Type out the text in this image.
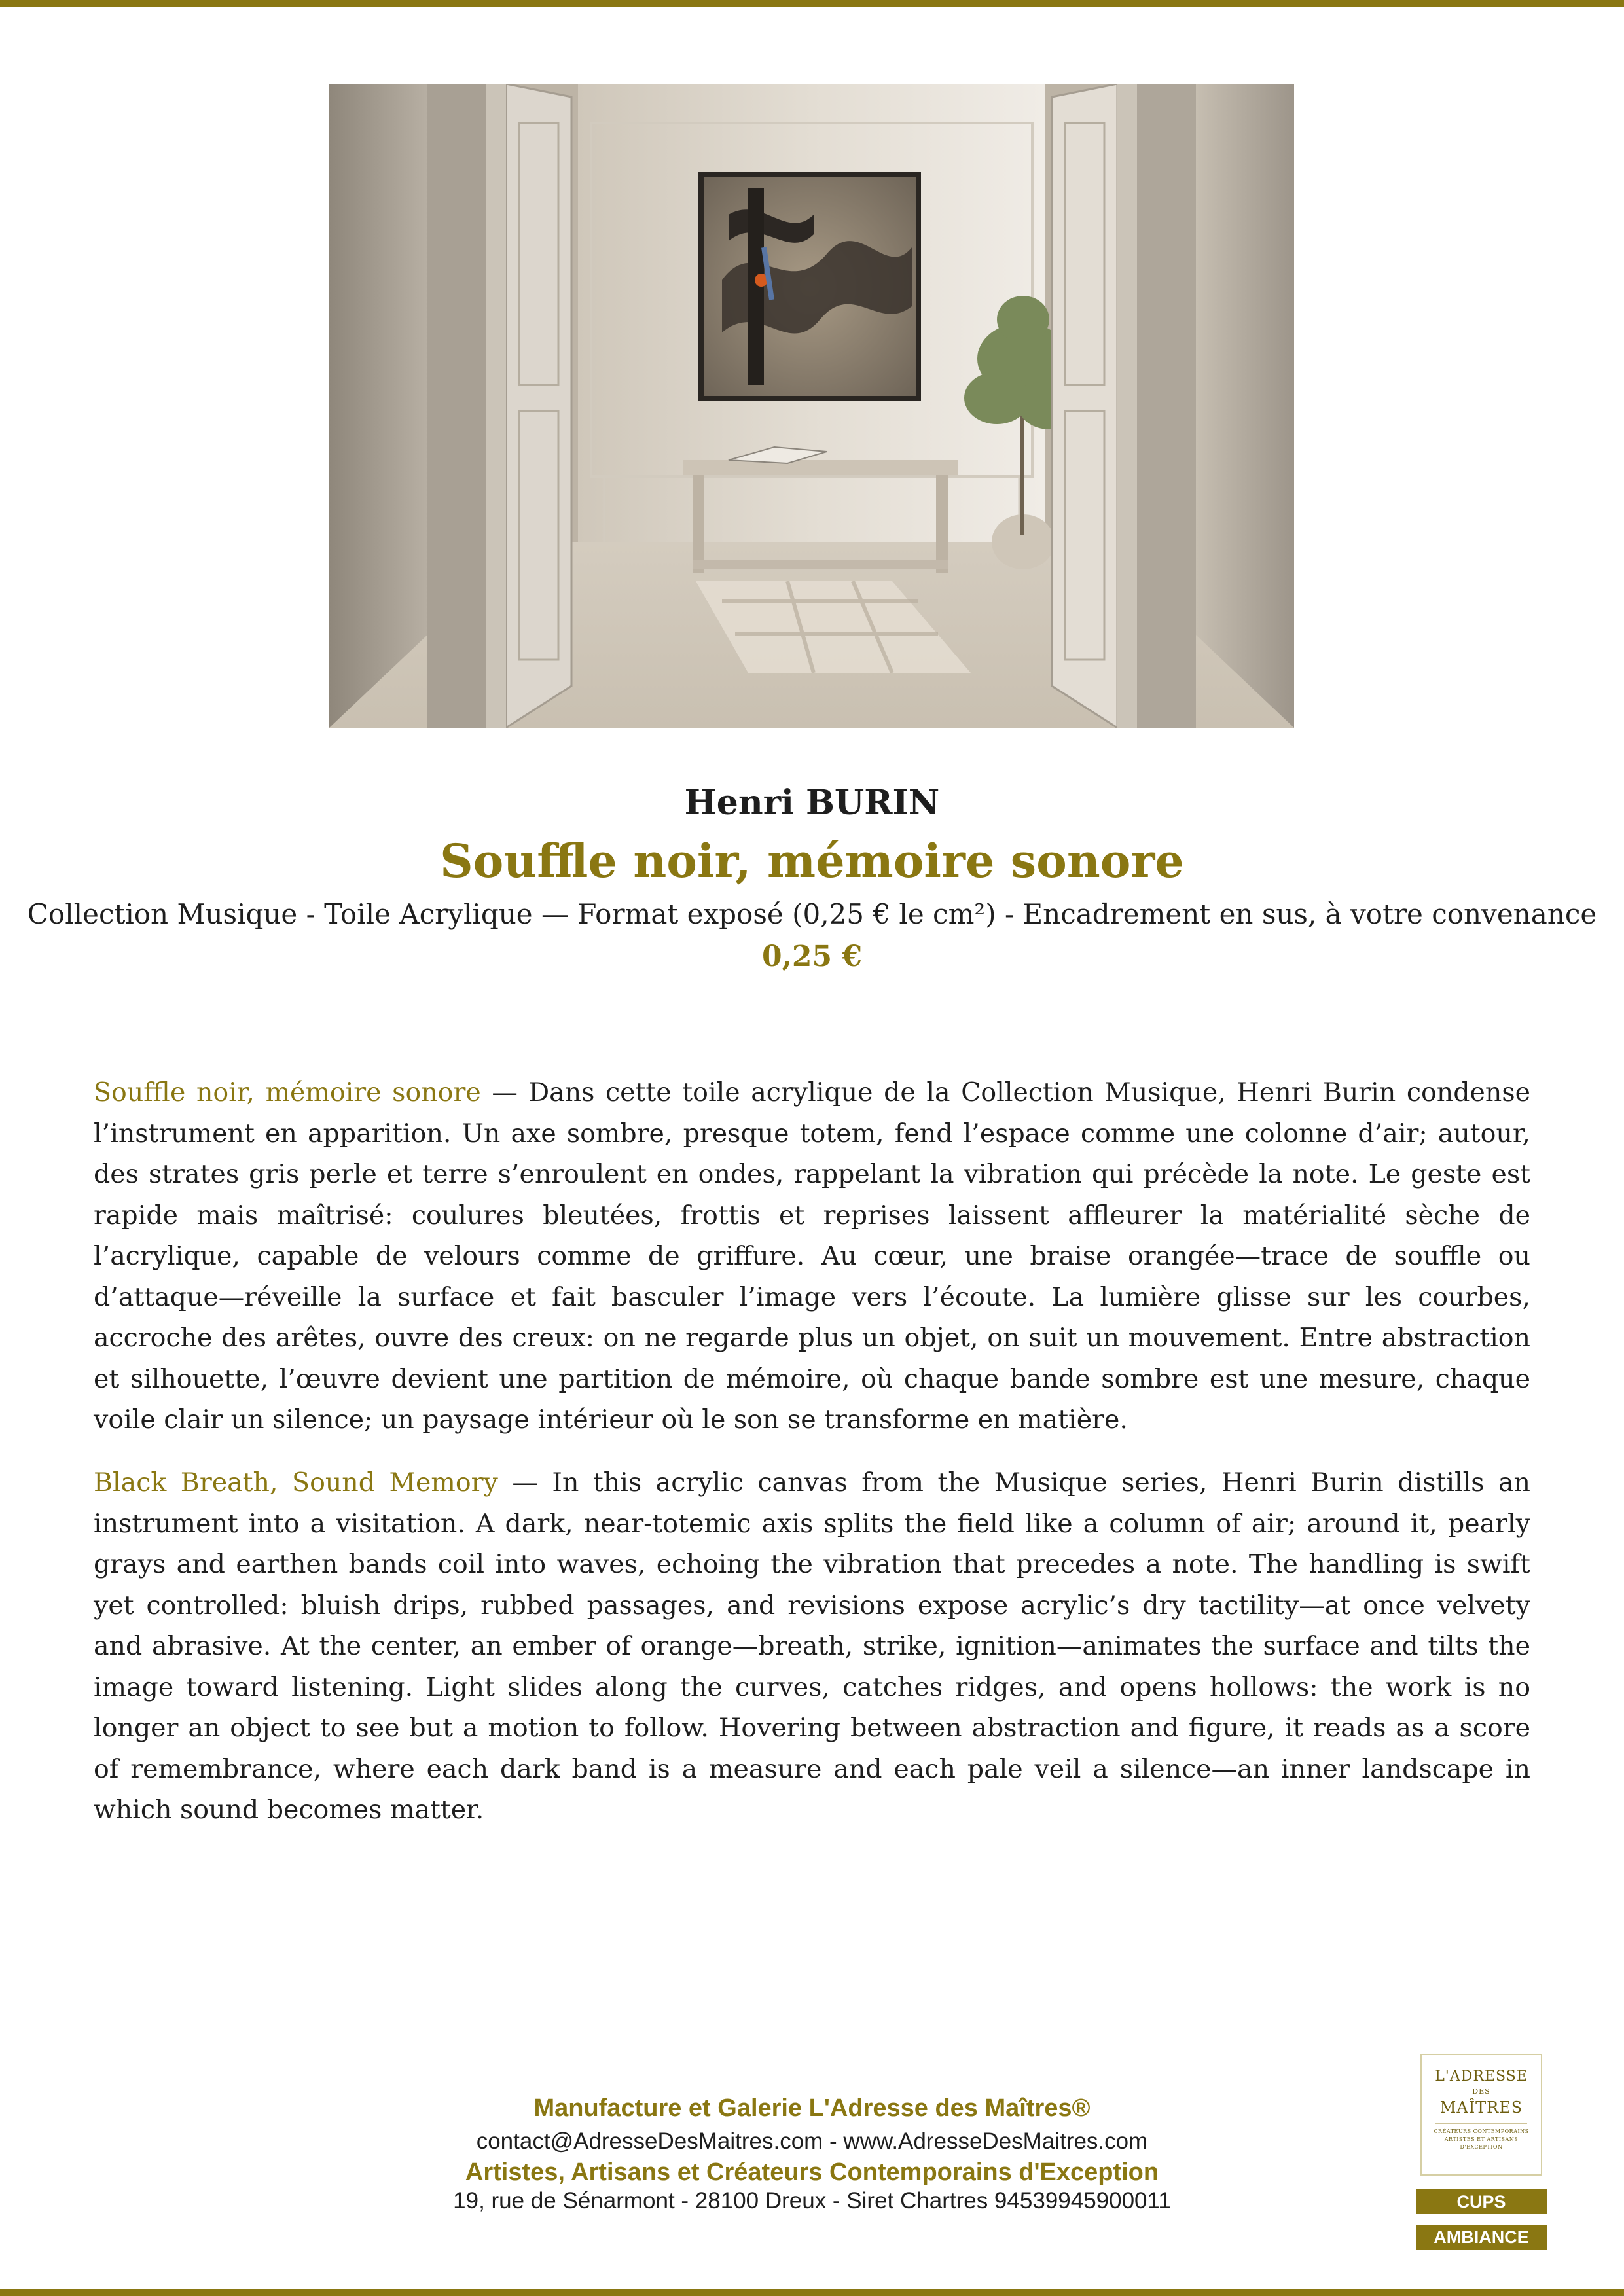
Henri BURIN
Souffle noir, mémoire sonore
Collection Musique - Toile Acrylique — Format exposé (0,25 € le cm²) - Encadrement en sus, à votre convenance
0,25 €

Souffle noir, mémoire sonore — Dans cette toile acrylique de la Collection Musique, Henri Burin condense l’instrument en apparition. Un axe sombre, presque totem, fend l’espace comme une colonne d’air; autour, des strates gris perle et terre s’enroulent en ondes, rappelant la vibration qui précède la note. Le geste est rapide mais maîtrisé: coulures bleutées, frottis et reprises laissent affleurer la matérialité sèche de l’acrylique, capable de velours comme de griffure. Au cœur, une braise orangée—trace de souffle ou d’attaque—réveille la surface et fait basculer l’image vers l’écoute. La lumière glisse sur les courbes, accroche des arêtes, ouvre des creux: on ne regarde plus un objet, on suit un mouvement. Entre abstraction et silhouette, l’œuvre devient une partition de mémoire, où chaque bande sombre est une mesure, chaque voile clair un silence; un paysage intérieur où le son se transforme en matière.

Black Breath, Sound Memory — In this acrylic canvas from the Musique series, Henri Burin distills an instrument into a visitation. A dark, near-totemic axis splits the field like a column of air; around it, pearly grays and earthen bands coil into waves, echoing the vibration that precedes a note. The handling is swift yet controlled: bluish drips, rubbed passages, and revisions expose acrylic’s dry tactility—at once velvety and abrasive. At the center, an ember of orange—breath, strike, ignition—animates the surface and tilts the image toward listening. Light slides along the curves, catches ridges, and opens hollows: the work is no longer an object to see but a motion to follow. Hovering between abstraction and figure, it reads as a score of remembrance, where each dark band is a measure and each pale veil a silence—an inner landscape in which sound becomes matter.

Manufacture et Galerie L'Adresse des Maîtres®
contact@AdresseDesMaitres.com - www.AdresseDesMaitres.com
Artistes, Artisans et Créateurs Contemporains d'Exception
19, rue de Sénarmont - 28100 Dreux - Siret Chartres 94539945900011
L'ADRESSE
DES
MAÎTRES
CRÉATEURS CONTEMPORAINS ARTISTES ET ARTISANS D'EXCEPTION
CUPS
AMBIANCE
